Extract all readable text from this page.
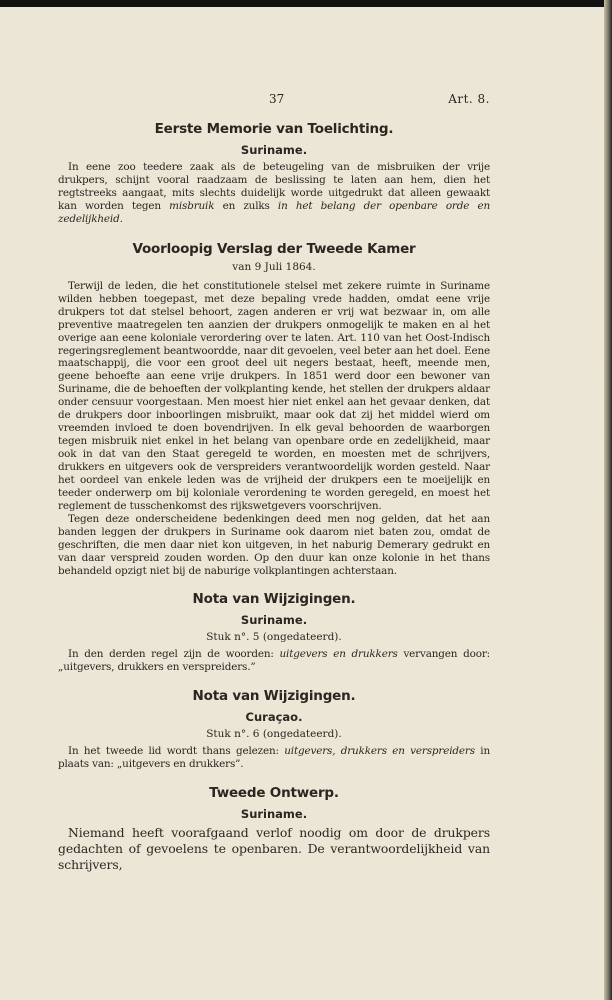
37	Art. 8.

Eerste Memorie van Toelichting.

Suriname.

In eene zoo teedere zaak als de beteugeling van de misbruiken der vrije drukpers, schijnt vooral raadzaam de beslissing te laten aan hem, dien het regtstreeks aangaat, mits slechts duidelijk worde uitgedrukt dat alleen gewaakt kan worden tegen misbruik en zulks in het belang der openbare orde en zedelijkheid.

Voorloopig Verslag der Tweede Kamer

van 9 Juli 1864.

Terwijl de leden, die het constitutionele stelsel met zekere ruimte in Suriname wilden hebben toegepast, met deze bepaling vrede hadden, omdat eene vrije drukpers tot dat stelsel behoort, zagen anderen er vrij wat bezwaar in, om alle preventive maatregelen ten aanzien der drukpers onmogelijk te maken en al het overige aan eene koloniale verordering over te laten. Art. 110 van het Oost-Indisch regeringsreglement beantwoordde, naar dit gevoelen, veel beter aan het doel. Eene maatschappij, die voor een groot deel uit negers bestaat, heeft, meende men, geene behoefte aan eene vrije drukpers. In 1851 werd door een bewoner van Suriname, die de behoeften der volkplanting kende, het stellen der drukpers aldaar onder censuur voorgestaan. Men moest hier niet enkel aan het gevaar denken, dat de drukpers door inboorlingen misbruikt, maar ook dat zij het middel wierd om vreemden invloed te doen bovendrijven. In elk geval behoorden de waarborgen tegen misbruik niet enkel in het belang van openbare orde en zedelijkheid, maar ook in dat van den Staat geregeld te worden, en moesten met de schrijvers, drukkers en uitgevers ook de verspreiders verantwoordelijk worden gesteld. Naar het oordeel van enkele leden was de vrijheid der drukpers een te moeijelijk en teeder onderwerp om bij koloniale verordening te worden geregeld, en moest het reglement de tusschenkomst des rijkswetgevers voorschrijven.

Tegen deze onderscheidene bedenkingen deed men nog gelden, dat het aan banden leggen der drukpers in Suriname ook daarom niet baten zou, omdat de geschriften, die men daar niet kon uitgeven, in het naburig Demerary gedrukt en van daar verspreid zouden worden. Op den duur kan onze kolonie in het thans behandeld opzigt niet bij de naburige volkplantingen achterstaan.

Nota van Wijzigingen.

Suriname.

Stuk n°. 5 (ongedateerd).

In den derden regel zijn de woorden: uitgevers en drukkers vervangen door: „uitgevers, drukkers en verspreiders.”

Nota van Wijzigingen.

Curaçao.

Stuk n°. 6 (ongedateerd).

In het tweede lid wordt thans gelezen: uitgevers, drukkers en verspreiders in plaats van: „uitgevers en drukkers”.

Tweede Ontwerp.

Suriname.

Niemand heeft voorafgaand verlof noodig om door de drukpers gedachten of gevoelens te openbaren. De verantwoordelijkheid van schrijvers,
